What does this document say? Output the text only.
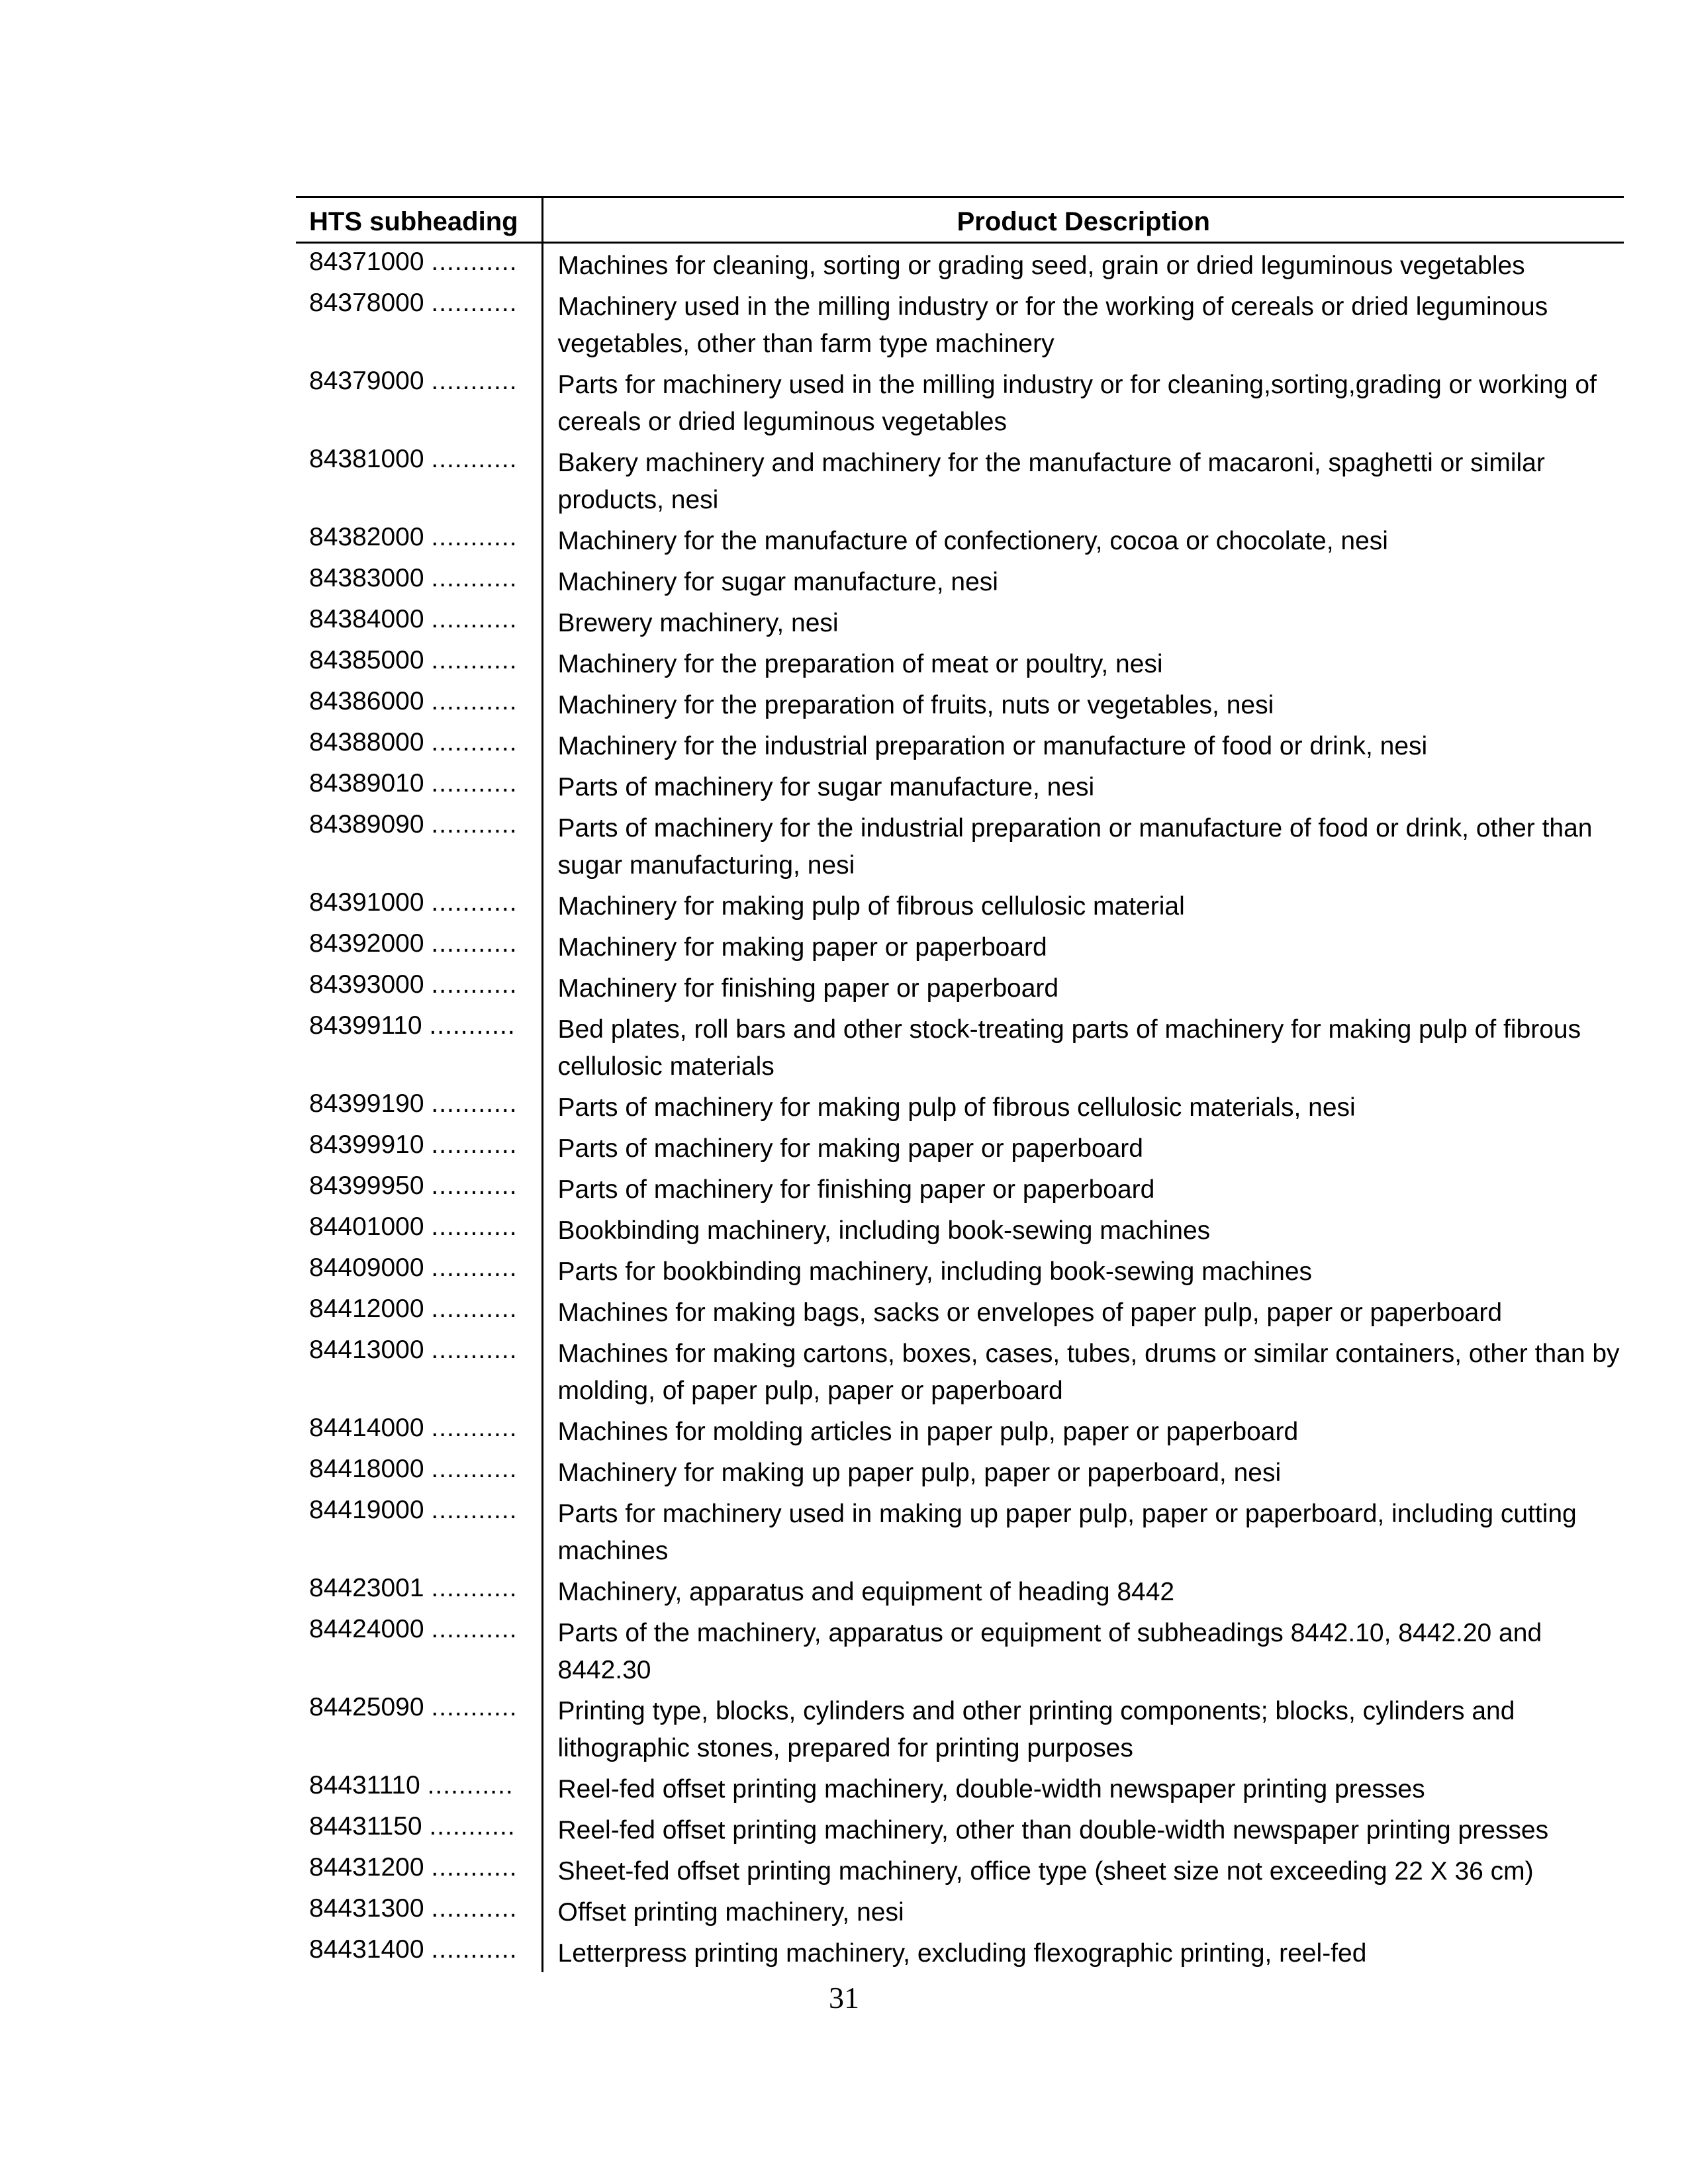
HTS subheading	Product Description
84371000 ...........	Machines for cleaning, sorting or grading seed, grain or dried leguminous vegetables
84378000 ...........	Machinery used in the milling industry or for the working of cereals or dried leguminous vegetables, other than farm type machinery
84379000 ...........	Parts for machinery used in the milling industry or for cleaning,sorting,grading or working of cereals or dried leguminous vegetables
84381000 ...........	Bakery machinery and machinery for the manufacture of macaroni, spaghetti or similar products, nesi
84382000 ...........	Machinery for the manufacture of confectionery, cocoa or chocolate, nesi
84383000 ...........	Machinery for sugar manufacture, nesi
84384000 ...........	Brewery machinery, nesi
84385000 ...........	Machinery for the preparation of meat or poultry, nesi
84386000 ...........	Machinery for the preparation of fruits, nuts or vegetables, nesi
84388000 ...........	Machinery for the industrial preparation or manufacture of food or drink, nesi
84389010 ...........	Parts of machinery for sugar manufacture, nesi
84389090 ...........	Parts of machinery for the industrial preparation or manufacture of food or drink, other than sugar manufacturing, nesi
84391000 ...........	Machinery for making pulp of fibrous cellulosic material
84392000 ...........	Machinery for making paper or paperboard
84393000 ...........	Machinery for finishing paper or paperboard
84399110 ...........	Bed plates, roll bars and other stock-treating parts of machinery for making pulp of fibrous cellulosic materials
84399190 ...........	Parts of machinery for making pulp of fibrous cellulosic materials, nesi
84399910 ...........	Parts of machinery for making paper or paperboard
84399950 ...........	Parts of machinery for finishing paper or paperboard
84401000 ...........	Bookbinding machinery, including book-sewing machines
84409000 ...........	Parts for bookbinding machinery, including book-sewing machines
84412000 ...........	Machines for making bags, sacks or envelopes of paper pulp, paper or paperboard
84413000 ...........	Machines for making cartons, boxes, cases, tubes, drums or similar containers, other than by molding, of paper pulp, paper or paperboard
84414000 ...........	Machines for molding articles in paper pulp, paper or paperboard
84418000 ...........	Machinery for making up paper pulp, paper or paperboard, nesi
84419000 ...........	Parts for machinery used in making up paper pulp, paper or paperboard, including cutting machines
84423001 ...........	Machinery, apparatus and equipment of heading 8442
84424000 ...........	Parts of the machinery, apparatus or equipment of subheadings 8442.10, 8442.20 and 8442.30
84425090 ...........	Printing type, blocks, cylinders and other printing components; blocks, cylinders and lithographic stones, prepared for printing purposes
84431110 ...........	Reel-fed offset printing machinery, double-width newspaper printing presses
84431150 ...........	Reel-fed offset printing machinery, other than double-width newspaper printing presses
84431200 ...........	Sheet-fed offset printing machinery, office type (sheet size not exceeding 22 X 36 cm)
84431300 ...........	Offset printing machinery, nesi
84431400 ...........	Letterpress printing machinery, excluding flexographic printing, reel-fed
31
